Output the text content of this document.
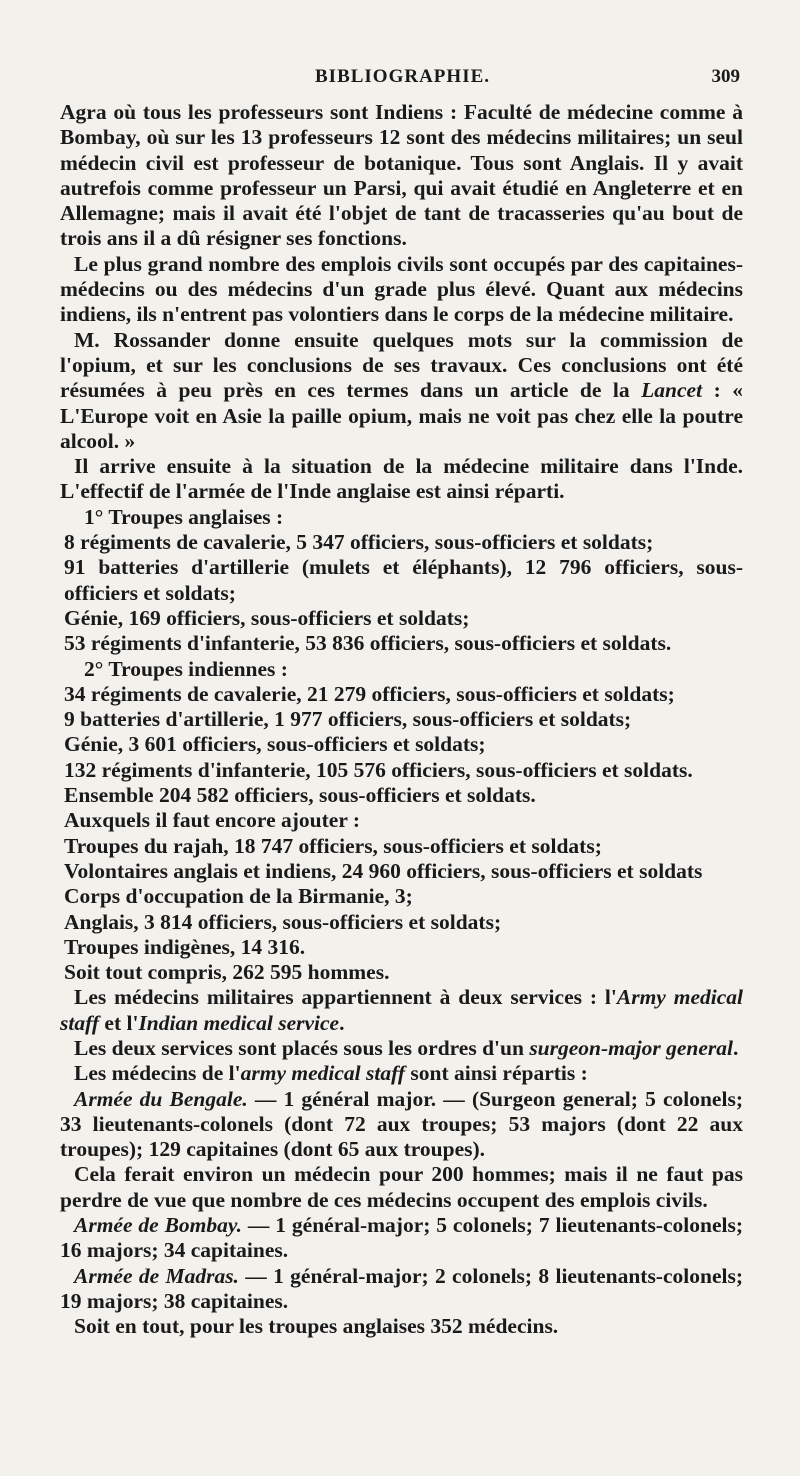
BIBLIOGRAPHIE.	309

Agra où tous les professeurs sont Indiens : Faculté de médecine comme à Bombay, où sur les 13 professeurs 12 sont des médecins militaires; un seul médecin civil est professeur de botanique. Tous sont Anglais. Il y avait autrefois comme professeur un Parsi, qui avait étudié en Angleterre et en Allemagne; mais il avait été l'objet de tant de tracasseries qu'au bout de trois ans il a dû résigner ses fonctions.

Le plus grand nombre des emplois civils sont occupés par des capitaines-médecins ou des médecins d'un grade plus élevé. Quant aux médecins indiens, ils n'entrent pas volontiers dans le corps de la médecine militaire.

M. Rossander donne ensuite quelques mots sur la commission de l'opium, et sur les conclusions de ses travaux. Ces conclusions ont été résumées à peu près en ces termes dans un article de la Lancet : « L'Europe voit en Asie la paille opium, mais ne voit pas chez elle la poutre alcool. »

Il arrive ensuite à la situation de la médecine militaire dans l'Inde. L'effectif de l'armée de l'Inde anglaise est ainsi réparti.

1° Troupes anglaises :

8 régiments de cavalerie, 5 347 officiers, sous-officiers et soldats;

91 batteries d'artillerie (mulets et éléphants), 12 796 officiers, sous-officiers et soldats;

Génie, 169 officiers, sous-officiers et soldats;

53 régiments d'infanterie, 53 836 officiers, sous-officiers et soldats.

2° Troupes indiennes :

34 régiments de cavalerie, 21 279 officiers, sous-officiers et soldats;

9 batteries d'artillerie, 1 977 officiers, sous-officiers et soldats;

Génie, 3 601 officiers, sous-officiers et soldats;

132 régiments d'infanterie, 105 576 officiers, sous-officiers et soldats.

Ensemble 204 582 officiers, sous-officiers et soldats.

Auxquels il faut encore ajouter :

Troupes du rajah, 18 747 officiers, sous-officiers et soldats;

Volontaires anglais et indiens, 24 960 officiers, sous-officiers et soldats

Corps d'occupation de la Birmanie, 3;

Anglais, 3 814 officiers, sous-officiers et soldats;

Troupes indigènes, 14 316.

Soit tout compris, 262 595 hommes.

Les médecins militaires appartiennent à deux services : l'Army medical staff et l'Indian medical service.

Les deux services sont placés sous les ordres d'un surgeon-major general.

Les médecins de l'army medical staff sont ainsi répartis :

Armée du Bengale. — 1 général major. — (Surgeon general; 5 colonels; 33 lieutenants-colonels (dont 72 aux troupes; 53 majors (dont 22 aux troupes); 129 capitaines (dont 65 aux troupes).

Cela ferait environ un médecin pour 200 hommes; mais il ne faut pas perdre de vue que nombre de ces médecins occupent des emplois civils.

Armée de Bombay. — 1 général-major; 5 colonels; 7 lieutenants-colonels; 16 majors; 34 capitaines.

Armée de Madras. — 1 général-major; 2 colonels; 8 lieutenants-colonels; 19 majors; 38 capitaines.

Soit en tout, pour les troupes anglaises 352 médecins.
